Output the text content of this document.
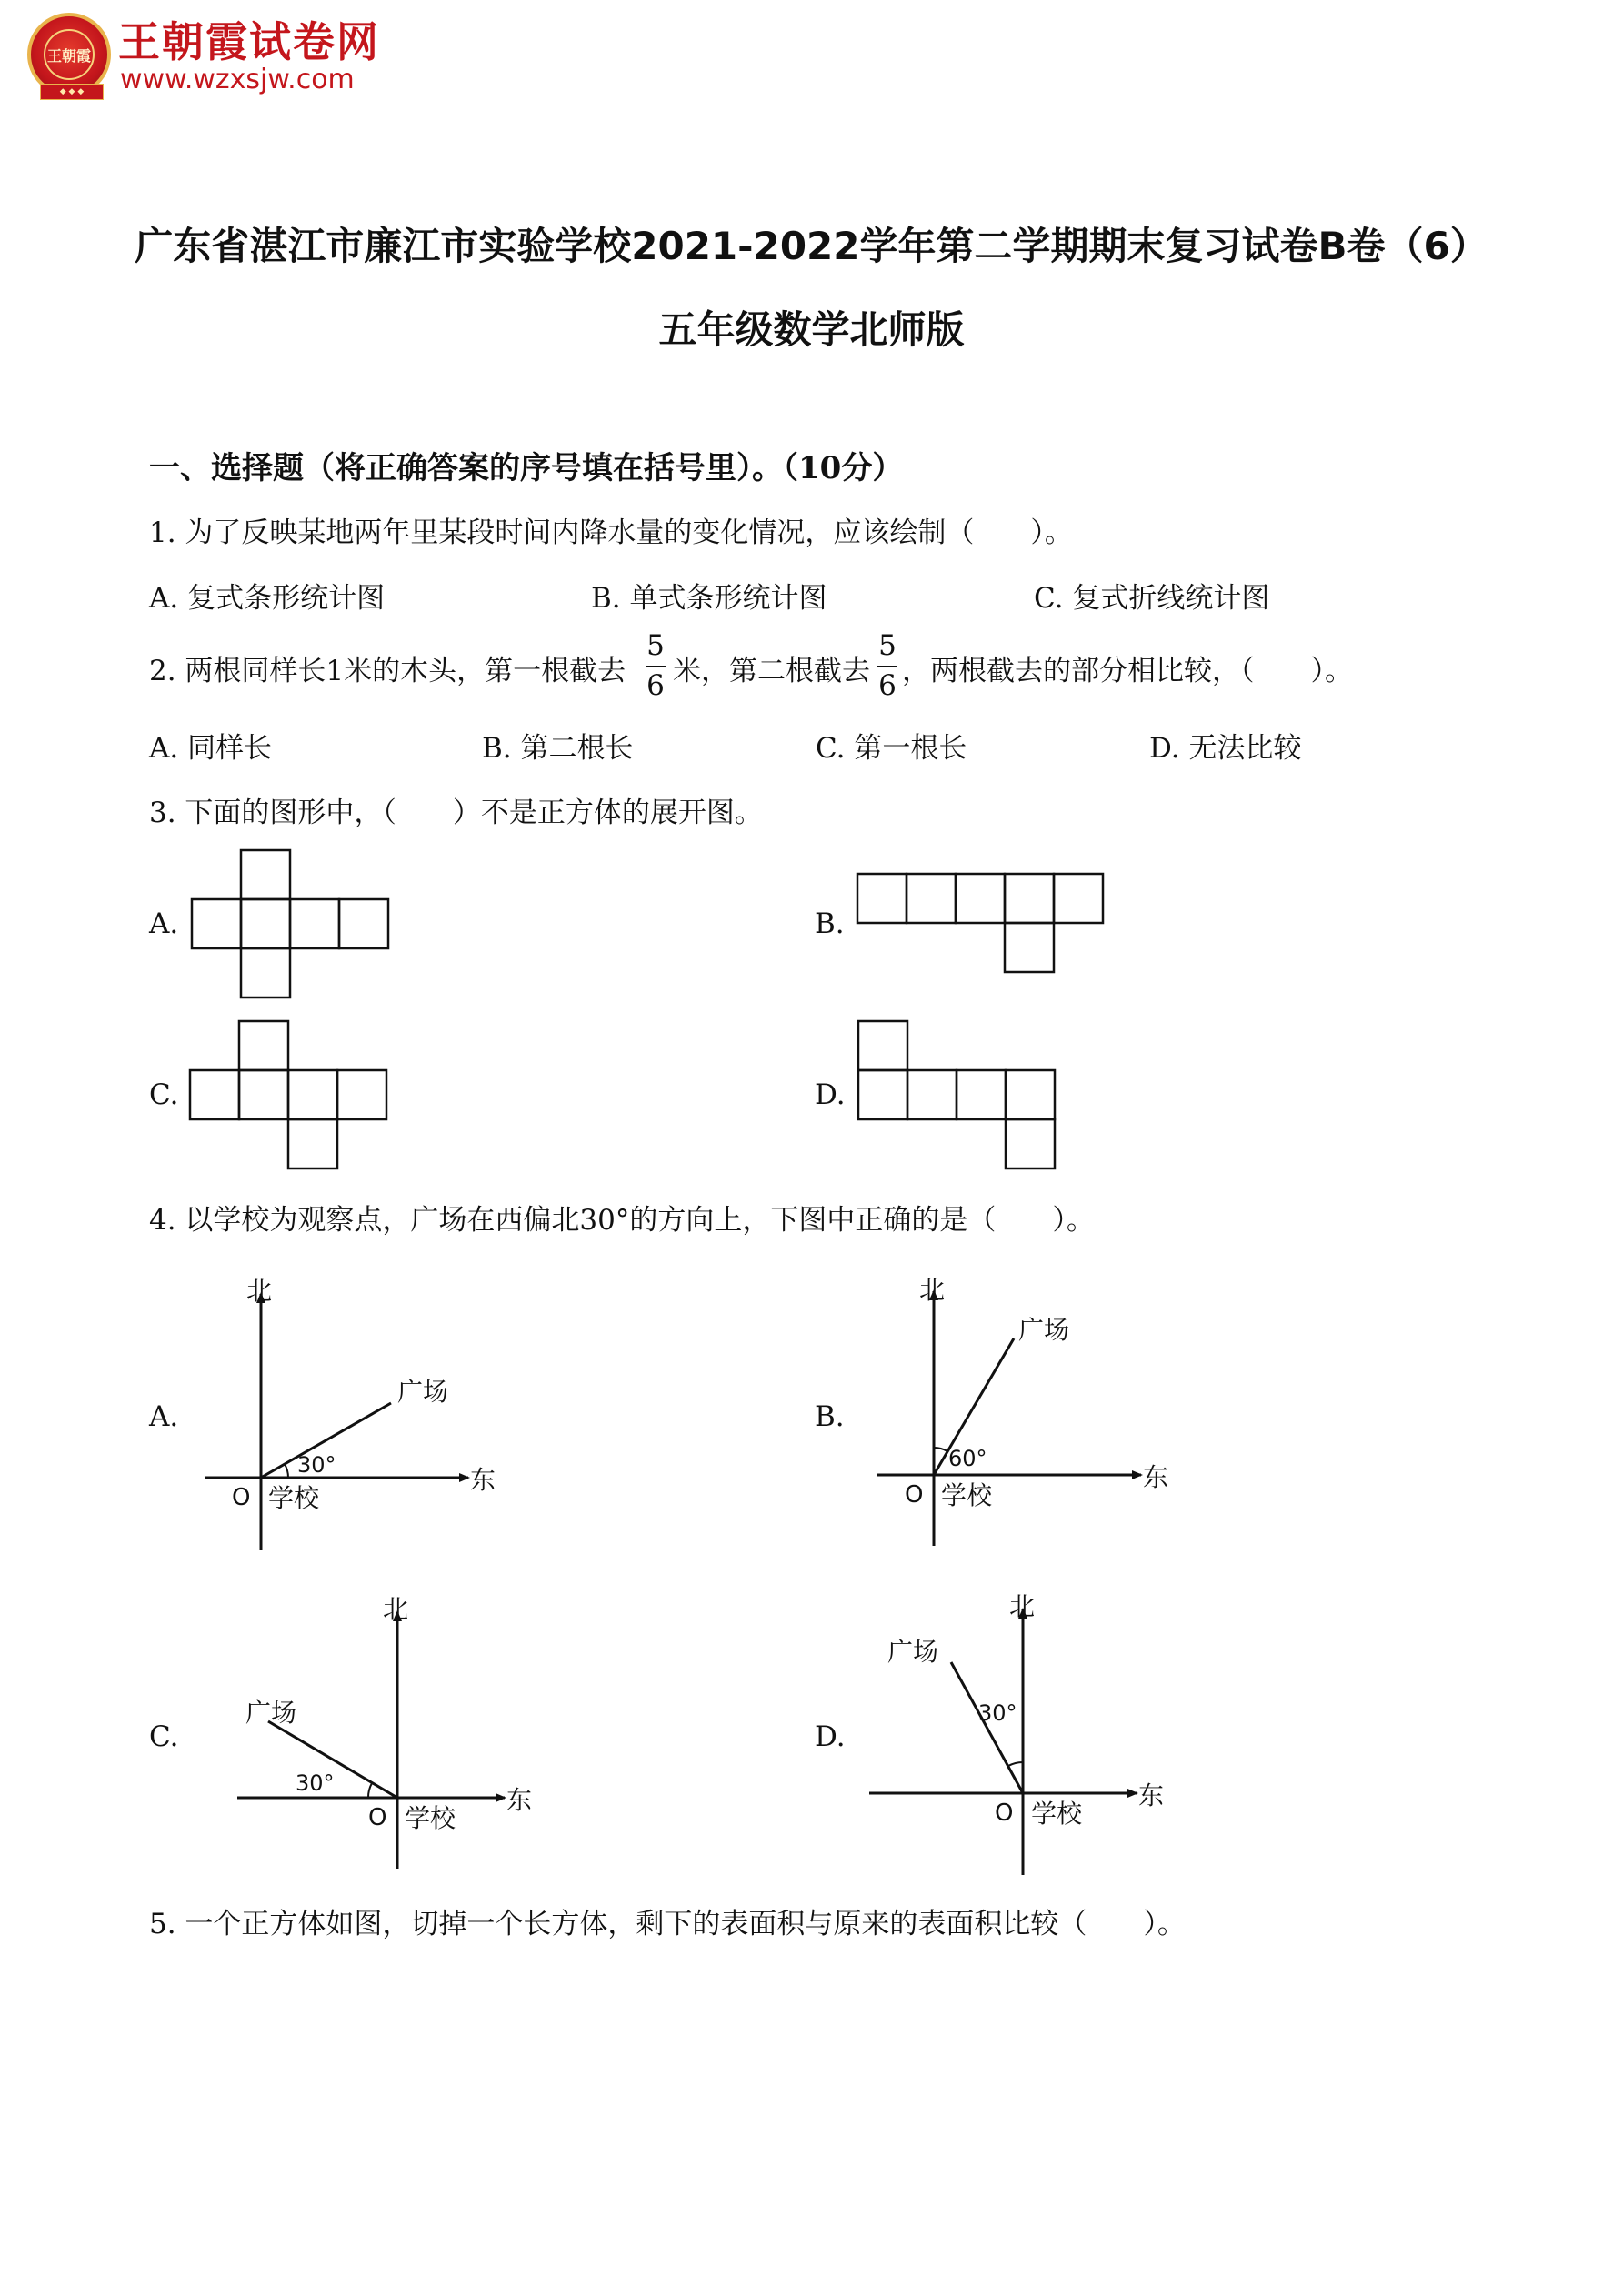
王朝霞
◆ ◆ ◆
王朝霞试卷网
www.wzxsjw.com
广东省湛江市廉江市实验学校2021-2022学年第二学期期末复习试卷B卷（6）
五年级数学北师版
一、选择题（将正确答案的序号填在括号里）。（10分）
1. 为了反映某地两年里某段时间内降水量的变化情况，应该绘制（　　）。
A. 复式条形统计图	B. 单式条形统计图	C. 复式折线统计图
2. 两根同样长1米的木头，第一根截去
5
6 米，第二根截去
5
6 ，两根截去的部分相比较，（　　）。
A. 同样长	B. 第二根长	C. 第一根长	D. 无法比较
3. 下面的图形中，（　　）不是正方体的展开图。
A.	B.
C.	D.
4. 以学校为观察点，广场在西偏北30°的方向上，下图中正确的是（　　）。
A.
北
东
O 学校
广场
30°
B.
北
东
O 学校
广场
60°
C.
北
东
O 学校
广场
30°
D.
北
东
O 学校
广场
30°
5. 一个正方体如图，切掉一个长方体，剩下的表面积与原来的表面积比较（　　）。
